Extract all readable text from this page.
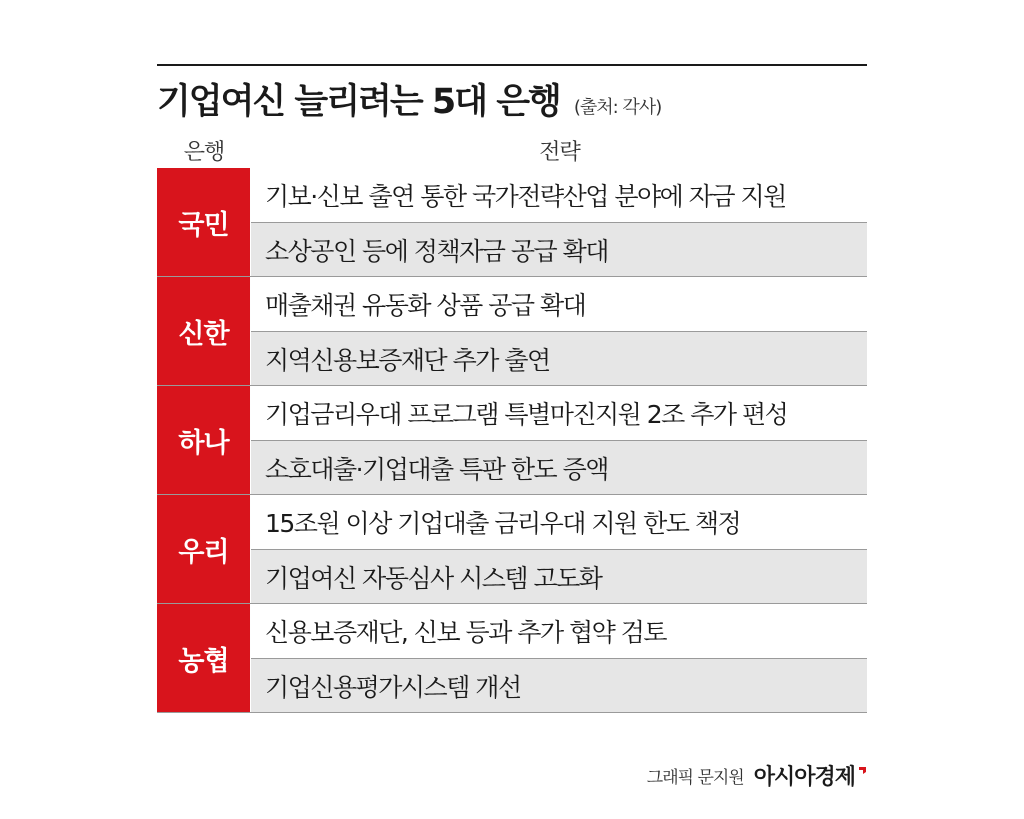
기업여신 늘리려는 5대 은행 (출처: 각사)
은행	전략
국민
기보·신보 출연 통한 국가전략산업 분야에 자금 지원
소상공인 등에 정책자금 공급 확대
신한
매출채권 유동화 상품 공급 확대
지역신용보증재단 추가 출연
하나
기업금리우대 프로그램 특별마진지원 2조 추가 편성
소호대출·기업대출 특판 한도 증액
우리
15조원 이상 기업대출 금리우대 지원 한도 책정
기업여신 자동심사 시스템 고도화
농협
신용보증재단, 신보 등과 추가 협약 검토
기업신용평가시스템 개선
그래픽 문지원 아시아경제
